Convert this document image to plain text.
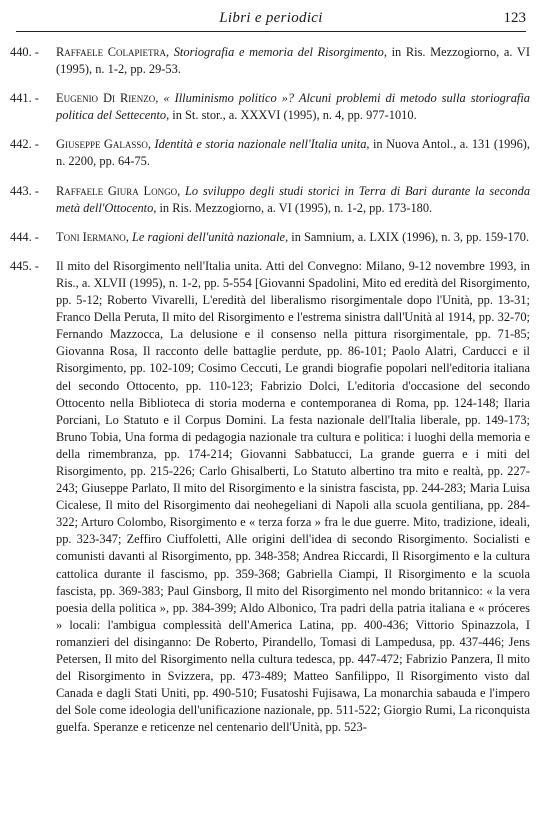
Libri e periodici	123
440. - Raffaele Colapietra, Storiografia e memoria del Risorgimento, in Ris. Mezzogiorno, a. VI (1995), n. 1-2, pp. 29-53.
441. - Eugenio Di Rienzo, « Illuminismo politico »? Alcuni problemi di metodo sulla storiografia politica del Settecento, in St. stor., a. XXXVI (1995), n. 4, pp. 977-1010.
442. - Giuseppe Galasso, Identità e storia nazionale nell'Italia unita, in Nuova Antol., a. 131 (1996), n. 2200, pp. 64-75.
443. - Raffaele Giura Longo, Lo sviluppo degli studi storici in Terra di Bari durante la seconda metà dell'Ottocento, in Ris. Mezzogiorno, a. VI (1995), n. 1-2, pp. 173-180.
444. - Toni Iermano, Le ragioni dell'unità nazionale, in Samnium, a. LXIX (1996), n. 3, pp. 159-170.
445. - Il mito del Risorgimento nell'Italia unita. Atti del Convegno: Milano, 9-12 novembre 1993, in Ris., a. XLVII (1995), n. 1-2, pp. 5-554 [Giovanni Spadolini, Mito ed eredità del Risorgimento, pp. 5-12; Roberto Vivarelli, L'eredità del liberalismo risorgimentale dopo l'Unità, pp. 13-31; Franco Della Peruta, Il mito del Risorgimento e l'estrema sinistra dall'Unità al 1914, pp. 32-70; Fernando Mazzocca, La delusione e il consenso nella pittura risorgimentale, pp. 71-85; Giovanna Rosa, Il racconto delle battaglie perdute, pp. 86-101; Paolo Alatri, Carducci e il Risorgimento, pp. 102-109; Cosimo Ceccuti, Le grandi biografie popolari nell'editoria italiana del secondo Ottocento, pp. 110-123; Fabrizio Dolci, L'editoria d'occasione del secondo Ottocento nella Biblioteca di storia moderna e contemporanea di Roma, pp. 124-148; Ilaria Porciani, Lo Statuto e il Corpus Domini. La festa nazionale dell'Italia liberale, pp. 149-173; Bruno Tobia, Una forma di pedagogia nazionale tra cultura e politica: i luoghi della memoria e della rimembranza, pp. 174-214; Giovanni Sabbatucci, La grande guerra e i miti del Risorgimento, pp. 215-226; Carlo Ghisalberti, Lo Statuto albertino tra mito e realtà, pp. 227-243; Giuseppe Parlato, Il mito del Risorgimento e la sinistra fascista, pp. 244-283; Maria Luisa Cicalese, Il mito del Risorgimento dai neohegeliani di Napoli alla scuola gentiliana, pp. 284-322; Arturo Colombo, Risorgimento e « terza forza » fra le due guerre. Mito, tradizione, ideali, pp. 323-347; Zeffiro Ciuffoletti, Alle origini dell'idea di secondo Risorgimento. Socialisti e comunisti davanti al Risorgimento, pp. 348-358; Andrea Riccardi, Il Risorgimento e la cultura cattolica durante il fascismo, pp. 359-368; Gabriella Ciampi, Il Risorgimento e la scuola fascista, pp. 369-383; Paul Ginsborg, Il mito del Risorgimento nel mondo britannico: « la vera poesia della politica », pp. 384-399; Aldo Albonico, Tra padri della patria italiana e « próceres » locali: l'ambigua complessità dell'America Latina, pp. 400-436; Vittorio Spinazzola, I romanzieri del disinganno: De Roberto, Pirandello, Tomasi di Lampedusa, pp. 437-446; Jens Petersen, Il mito del Risorgimento nella cultura tedesca, pp. 447-472; Fabrizio Panzera, Il mito del Risorgimento in Svizzera, pp. 473-489; Matteo Sanfilippo, Il Risorgimento visto dal Canada e dagli Stati Uniti, pp. 490-510; Fusatoshi Fujisawa, La monarchia sabauda e l'impero del Sole come ideologia dell'unificazione nazionale, pp. 511-522; Giorgio Rumi, La riconquista guelfa. Speranze e reticenze nel centenario dell'Unità, pp. 523-
